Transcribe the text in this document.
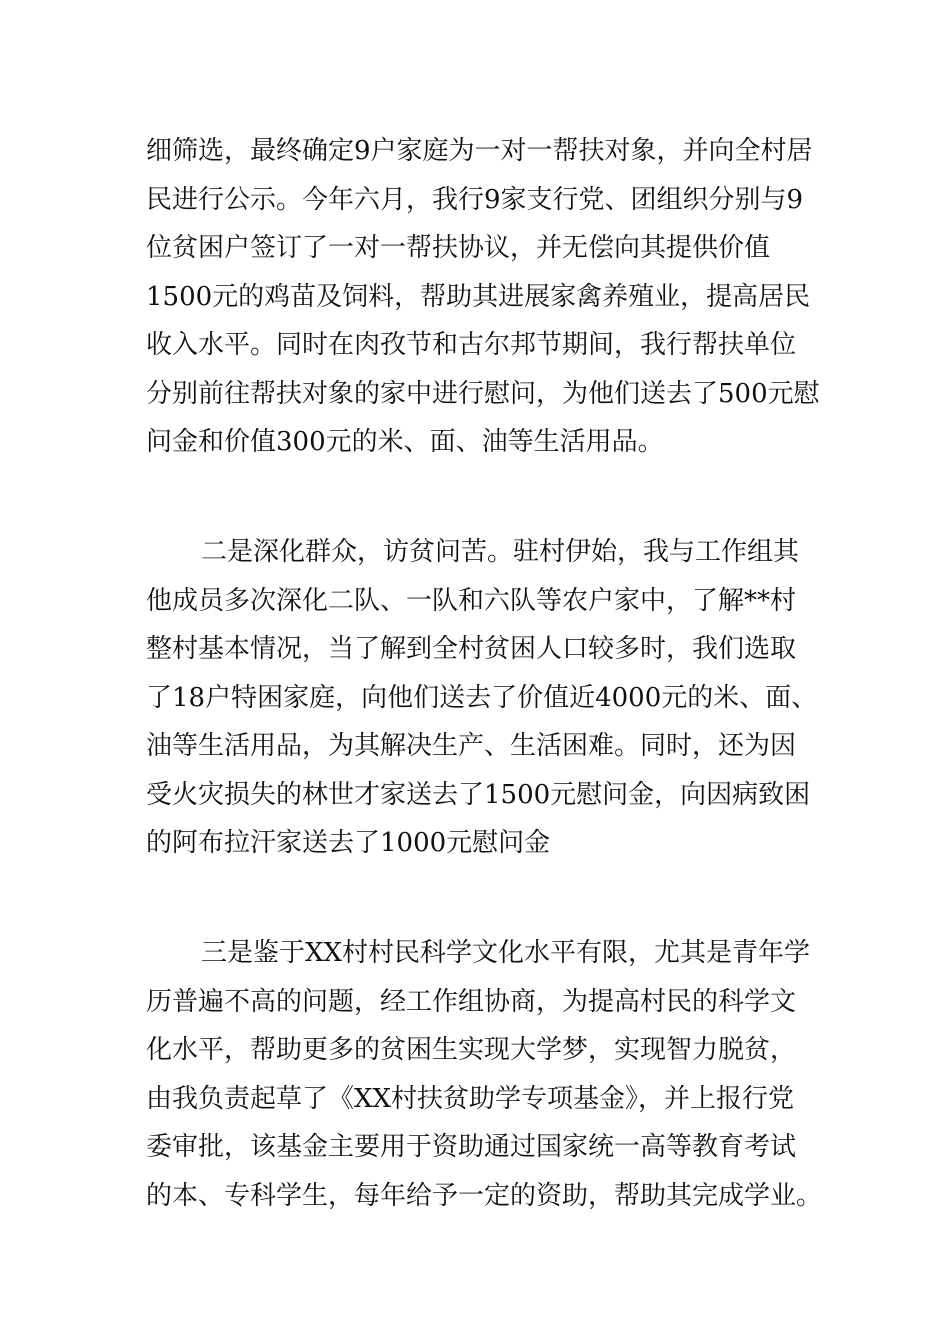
细筛选，最终确定9户家庭为一对一帮扶对象，并向全村居
民进行公示。今年六月，我行9家支行党、团组织分别与9
位贫困户签订了一对一帮扶协议，并无偿向其提供价值
1500元的鸡苗及饲料，帮助其进展家禽养殖业，提高居民
收入水平。同时在肉孜节和古尔邦节期间，我行帮扶单位
分别前往帮扶对象的家中进行慰问，为他们送去了500元慰
问金和价值300元的米、面、油等生活用品。
二是深化群众，访贫问苦。驻村伊始，我与工作组其
他成员多次深化二队、一队和六队等农户家中，了解**村
整村基本情况，当了解到全村贫困人口较多时，我们选取
了18户特困家庭，向他们送去了价值近4000元的米、面、
油等生活用品，为其解决生产、生活困难。同时，还为因
受火灾损失的林世才家送去了1500元慰问金，向因病致困
的阿布拉汗家送去了1000元慰问金
三是鉴于XX村村民科学文化水平有限，尤其是青年学
历普遍不高的问题，经工作组协商，为提高村民的科学文
化水平，帮助更多的贫困生实现大学梦，实现智力脱贫，
由我负责起草了《XX村扶贫助学专项基金》，并上报行党
委审批，该基金主要用于资助通过国家统一高等教育考试
的本、专科学生，每年给予一定的资助，帮助其完成学业。
